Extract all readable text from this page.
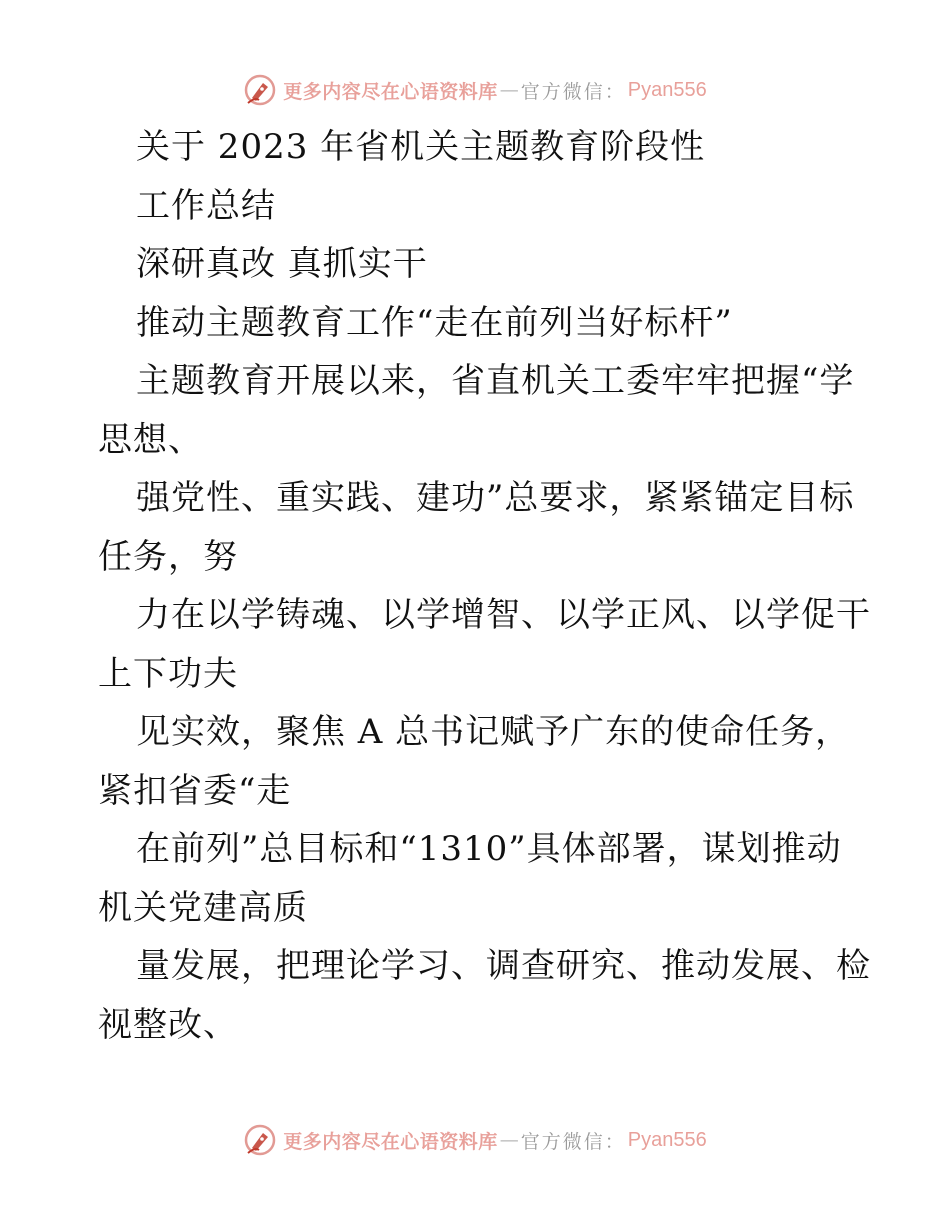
更多内容尽在心语资料库 — 官方微信： Pyan556
关于 2023 年省机关主题教育阶段性
工作总结
深研真改 真抓实干
推动主题教育工作“走在前列当好标杆”
主题教育开展以来，省直机关工委牢牢把握“学
思想、
强党性、重实践、建功”总要求，紧紧锚定目标
任务，努
力在以学铸魂、以学增智、以学正风、以学促干
上下功夫
见实效，聚焦 A 总书记赋予广东的使命任务，
紧扣省委“走
在前列”总目标和“1310”具体部署，谋划推动
机关党建高质
量发展，把理论学习、调查研究、推动发展、检
视整改、
更多内容尽在心语资料库 — 官方微信： Pyan556
